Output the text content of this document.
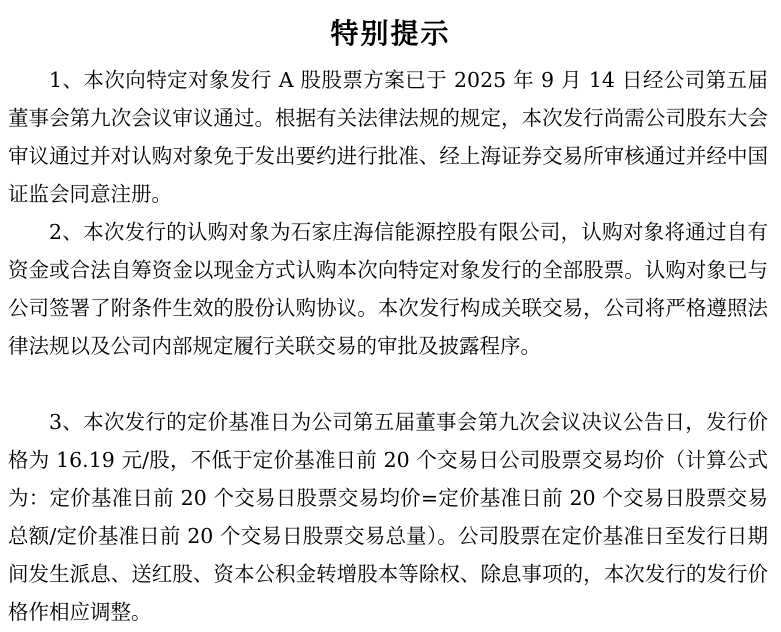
特别提示

1、本次向特定对象发行 A 股股票方案已于 2025 年 9 月 14 日经公司第五届董事会第九次会议审议通过。根据有关法律法规的规定，本次发行尚需公司股东大会审议通过并对认购对象免于发出要约进行批准、经上海证券交易所审核通过并经中国证监会同意注册。

2、本次发行的认购对象为石家庄海信能源控股有限公司，认购对象将通过自有资金或合法自筹资金以现金方式认购本次向特定对象发行的全部股票。认购对象已与公司签署了附条件生效的股份认购协议。本次发行构成关联交易，公司将严格遵照法律法规以及公司内部规定履行关联交易的审批及披露程序。

3、本次发行的定价基准日为公司第五届董事会第九次会议决议公告日，发行价格为 16.19 元/股，不低于定价基准日前 20 个交易日公司股票交易均价（计算公式为：定价基准日前 20 个交易日股票交易均价=定价基准日前 20 个交易日股票交易总额/定价基准日前 20 个交易日股票交易总量）。公司股票在定价基准日至发行日期间发生派息、送红股、资本公积金转增股本等除权、除息事项的，本次发行的发行价格作相应调整。
